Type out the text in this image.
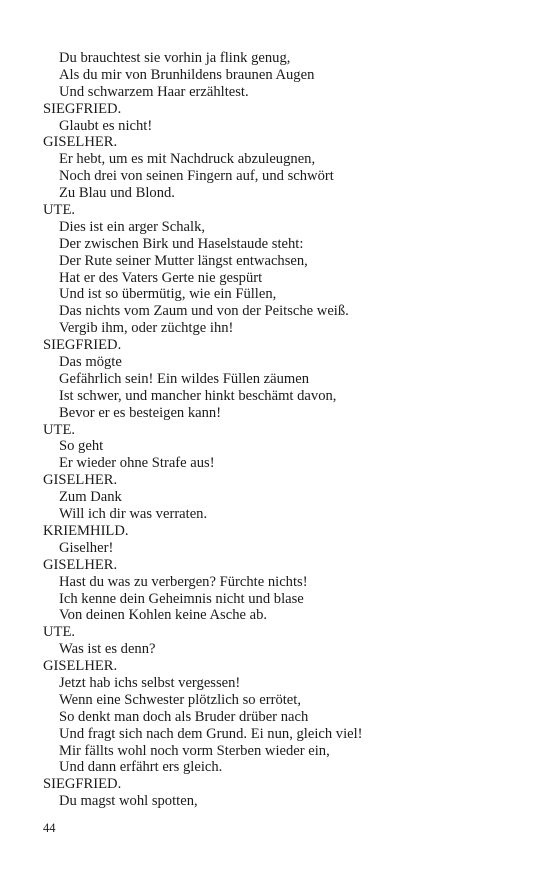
Du brauchtest sie vorhin ja flink genug,
Als du mir von Brunhildens braunen Augen
Und schwarzem Haar erzähltest.
SIEGFRIED.
Glaubt es nicht!
GISELHER.
Er hebt, um es mit Nachdruck abzuleugnen,
Noch drei von seinen Fingern auf, und schwört
Zu Blau und Blond.
UTE.
Dies ist ein arger Schalk,
Der zwischen Birk und Haselstaude steht:
Der Rute seiner Mutter längst entwachsen,
Hat er des Vaters Gerte nie gespürt
Und ist so übermütig, wie ein Füllen,
Das nichts vom Zaum und von der Peitsche weiß.
Vergib ihm, oder züchtge ihn!
SIEGFRIED.
Das mögte
Gefährlich sein! Ein wildes Füllen zäumen
Ist schwer, und mancher hinkt beschämt davon,
Bevor er es besteigen kann!
UTE.
So geht
Er wieder ohne Strafe aus!
GISELHER.
Zum Dank
Will ich dir was verraten.
KRIEMHILD.
Giselher!
GISELHER.
Hast du was zu verbergen? Fürchte nichts!
Ich kenne dein Geheimnis nicht und blase
Von deinen Kohlen keine Asche ab.
UTE.
Was ist es denn?
GISELHER.
Jetzt hab ichs selbst vergessen!
Wenn eine Schwester plötzlich so errötet,
So denkt man doch als Bruder drüber nach
Und fragt sich nach dem Grund. Ei nun, gleich viel!
Mir fällts wohl noch vorm Sterben wieder ein,
Und dann erfährt ers gleich.
SIEGFRIED.
Du magst wohl spotten,
44
